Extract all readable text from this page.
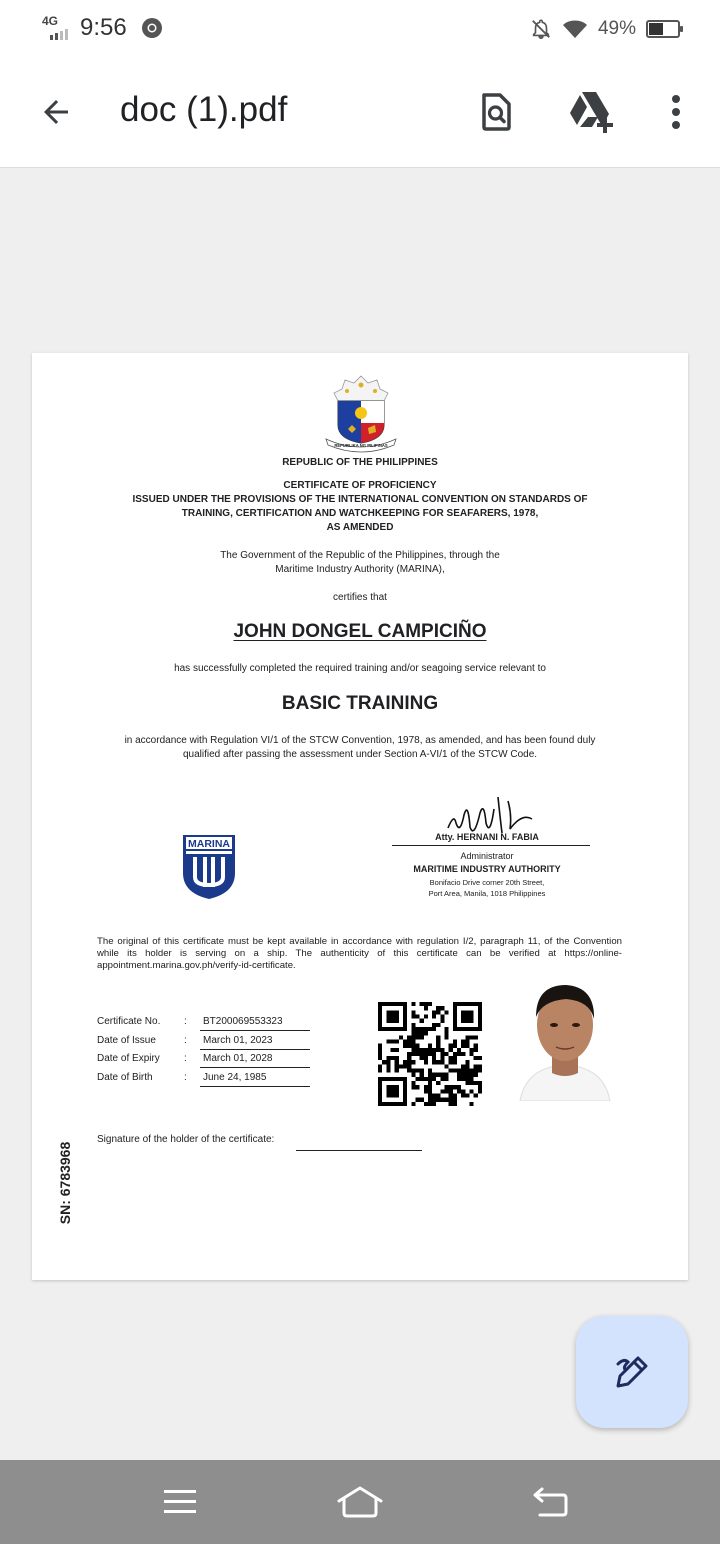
4G 9:56	49%
doc (1).pdf
REPUBLIKA NG PILIPINAS
REPUBLIC OF THE PHILIPPINES
CERTIFICATE OF PROFICIENCY
ISSUED UNDER THE PROVISIONS OF THE INTERNATIONAL CONVENTION ON STANDARDS OF
TRAINING, CERTIFICATION AND WATCHKEEPING FOR SEAFARERS, 1978,
AS AMENDED
The Government of the Republic of the Philippines, through the
Maritime Industry Authority (MARINA),
certifies that
JOHN DONGEL CAMPICIÑO
has successfully completed the required training and/or seagoing service relevant to
BASIC TRAINING
in accordance with Regulation VI/1 of the STCW Convention, 1978, as amended, and has been found duly
qualified after passing the assessment under Section A-VI/1 of the STCW Code.
MARINA
Atty. HERNANI N. FABIA
Administrator
MARITIME INDUSTRY AUTHORITY
Bonifacio Drive corner 20th Street,
Port Area, Manila, 1018 Philippines
The original of this certificate must be kept available in accordance with regulation I/2, paragraph 11, of the Convention while its holder is serving on a ship. The authenticity of this certificate can be verified at https://online-appointment.marina.gov.ph/verify-id-certificate.
Certificate No. :	BT200069553323
Date of Issue	:	March 01, 2023
Date of Expiry :	March 01, 2028
Date of Birth	:	June 24, 1985
SN: 6783968
Signature of the holder of the certificate:
